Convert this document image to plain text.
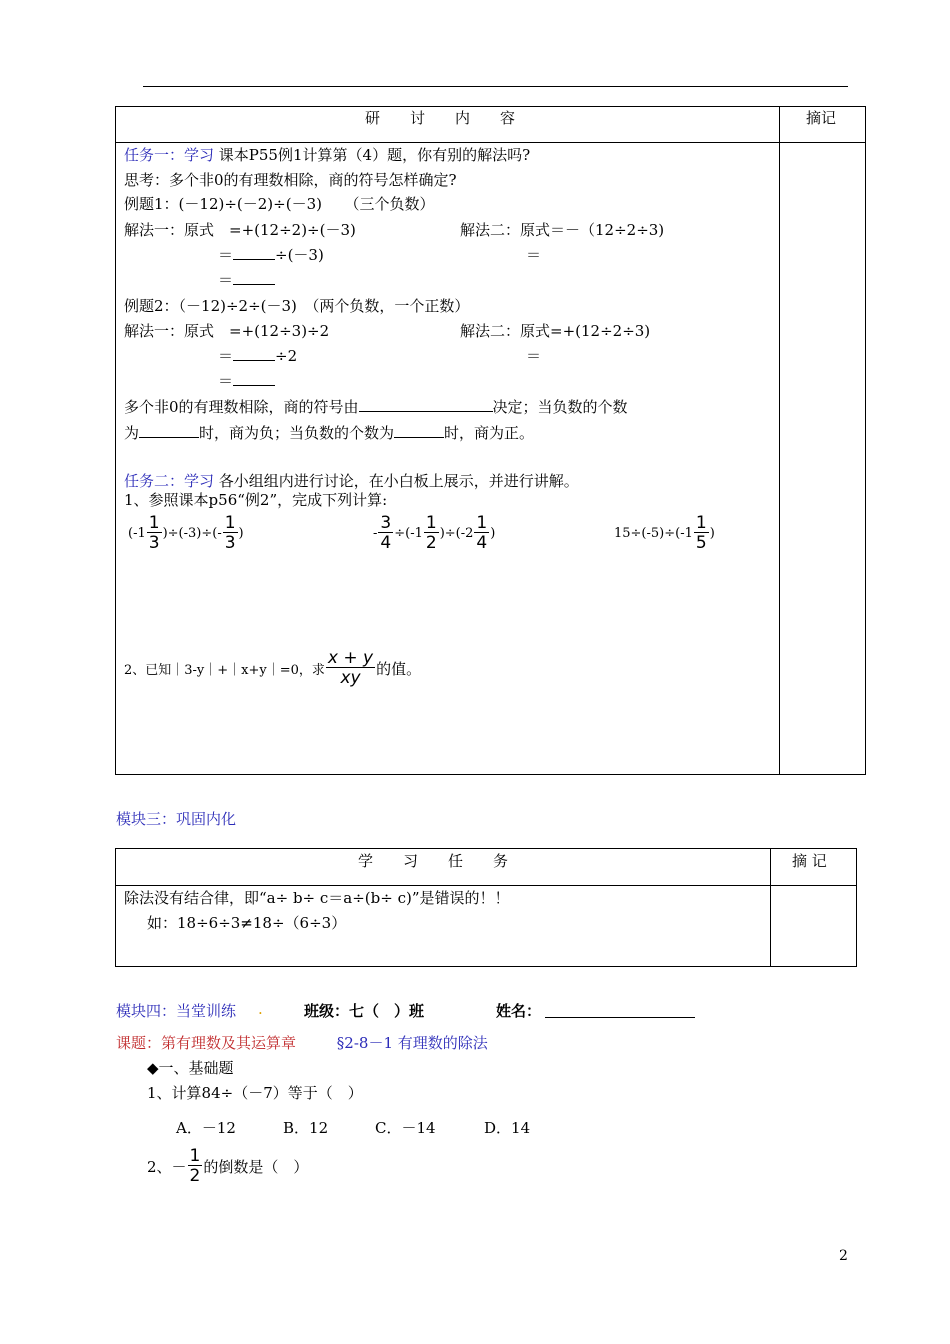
研　　讨　　内　　容	摘记
任务一：学习 课本P55例1计算第（4）题，你有别的解法吗?
思考：多个非0的有理数相除，商的符号怎样确定?
例题1：(－12)÷(－2)÷(－3)　　（三个负数）
解法一：原式　=+(12÷2)÷(－3)
＝	÷(－3)
＝
解法二：原式＝－（12÷2÷3)
＝
例题2：（－12)÷2÷(－3)　（两个负数，一个正数）
解法一：原式　=+(12÷3)÷2
＝	÷2
＝
解法二：原式=+(12÷2÷3)
＝
多个非0的有理数相除，商的符号由	决定；当负数的个数
为	时，商为负；当负数的个数为	时，商为正。
任务二：学习 各小组组内进行讨论，在小白板上展示，并进行讲解。
1、参照课本p56“例2”，完成下列计算:
$(-1 \frac{1}{3} )\div(-3)\div(- \frac{1}{3}$ )	- $\frac{3}{4} \div(-1 \frac{1}{2} )\div(-2 \frac{1}{4}$ )	$15\div(-5)\div(-1 \frac{1}{5}$ )
2、已知｜3-y｜+｜x+y｜=0，求 $\frac{x + y}{xy}$ 的值。
模块三：巩固内化
学　　习　　任　　务	摘 记
除法没有结合律，即“a÷ b÷ c＝a÷(b÷ c)”是错误的！！
如：18÷6÷3≠18÷（6÷3）
模块四：当堂训练 .	班级：七（　）班	姓名：
课题：第有理数及其运算章	§2-8－1 有理数的除法
◆一、基础题
1、计算84÷（－7）等于（　）
A．－12	B．12	C．－14	D．14
2、－ $\frac{1}{2}$ 的倒数是（　）
2
